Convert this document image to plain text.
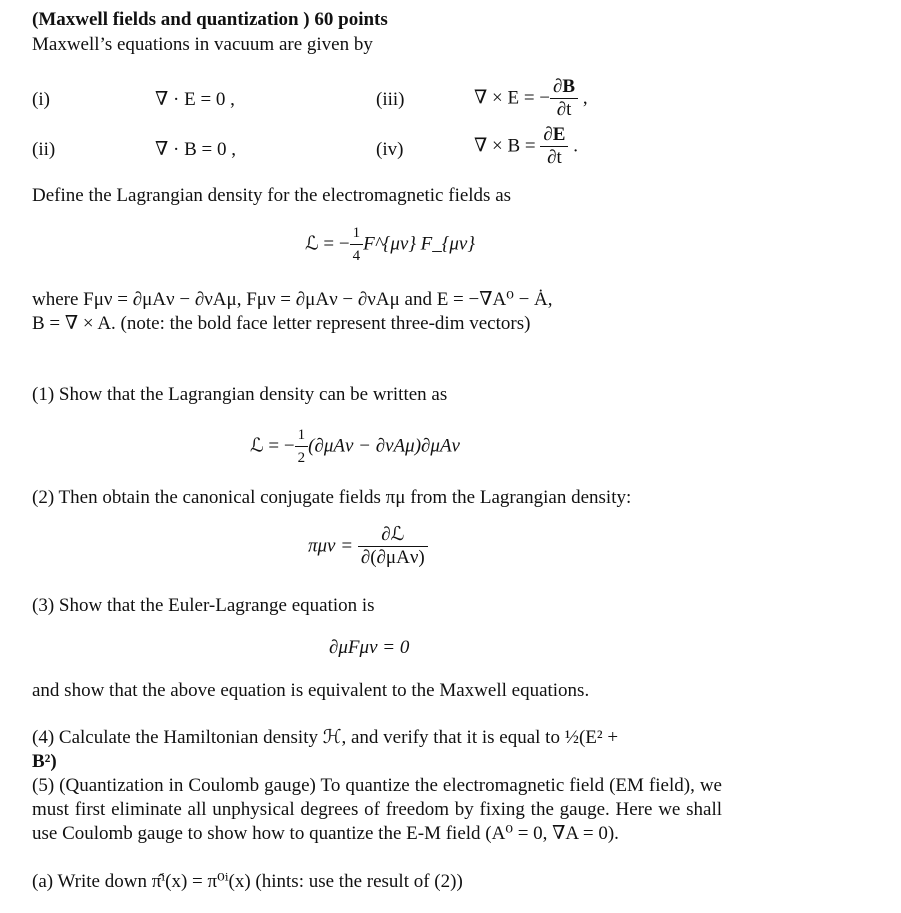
(Maxwell fields and quantization ) 60 points
Maxwell’s equations in vacuum are given by
(i)	∇ · E = 0 ,	(iii)	∇ × E = − $\frac{\partial B}{\partial t}$ ,
(ii)	∇ · B = 0 ,	(iv)	∇ × $B = \frac{\partial E}{\partial t}$ .
Define the Lagrangian density for the electromagnetic fields as
ℒ = − $\frac{1}{4}$ F^{μν} F_{μν}
where Fμν = ∂μAν − ∂νAμ, Fμν = ∂μAν − ∂νAμ and E = −∇A⁰ − Ȧ,
B = ∇ × A. (note: the bold face letter represent three-dim vectors)
(1) Show that the Lagrangian density can be written as
ℒ = − $\frac{1}{2} (\partial\mu A\nu - \partial\nu A\mu)\partial\mu A\nu$
(2) Then obtain the canonical conjugate fields πμ from the Lagrangian density:
$\pi\mu\nu = \frac{\text{∂ℒ}}{\text{∂(∂μAν)}}$
(3) Show that the Euler-Lagrange equation is
∂μFμν = 0
and show that the above equation is equivalent to the Maxwell equations.
(4) Calculate the Hamiltonian density ℋ, and verify that it is equal to ½(E² +
B²)
(5) (Quantization in Coulomb gauge) To quantize the electromagnetic field (EM field), we must first eliminate all unphysical degrees of freedom by fixing the gauge. Here we shall use Coulomb gauge to show how to quantize the E-M field (A⁰ = 0, ∇A = 0).
(a) Write down π̂ⁱ(x) = π⁰ⁱ(x) (hints: use the result of (2))
